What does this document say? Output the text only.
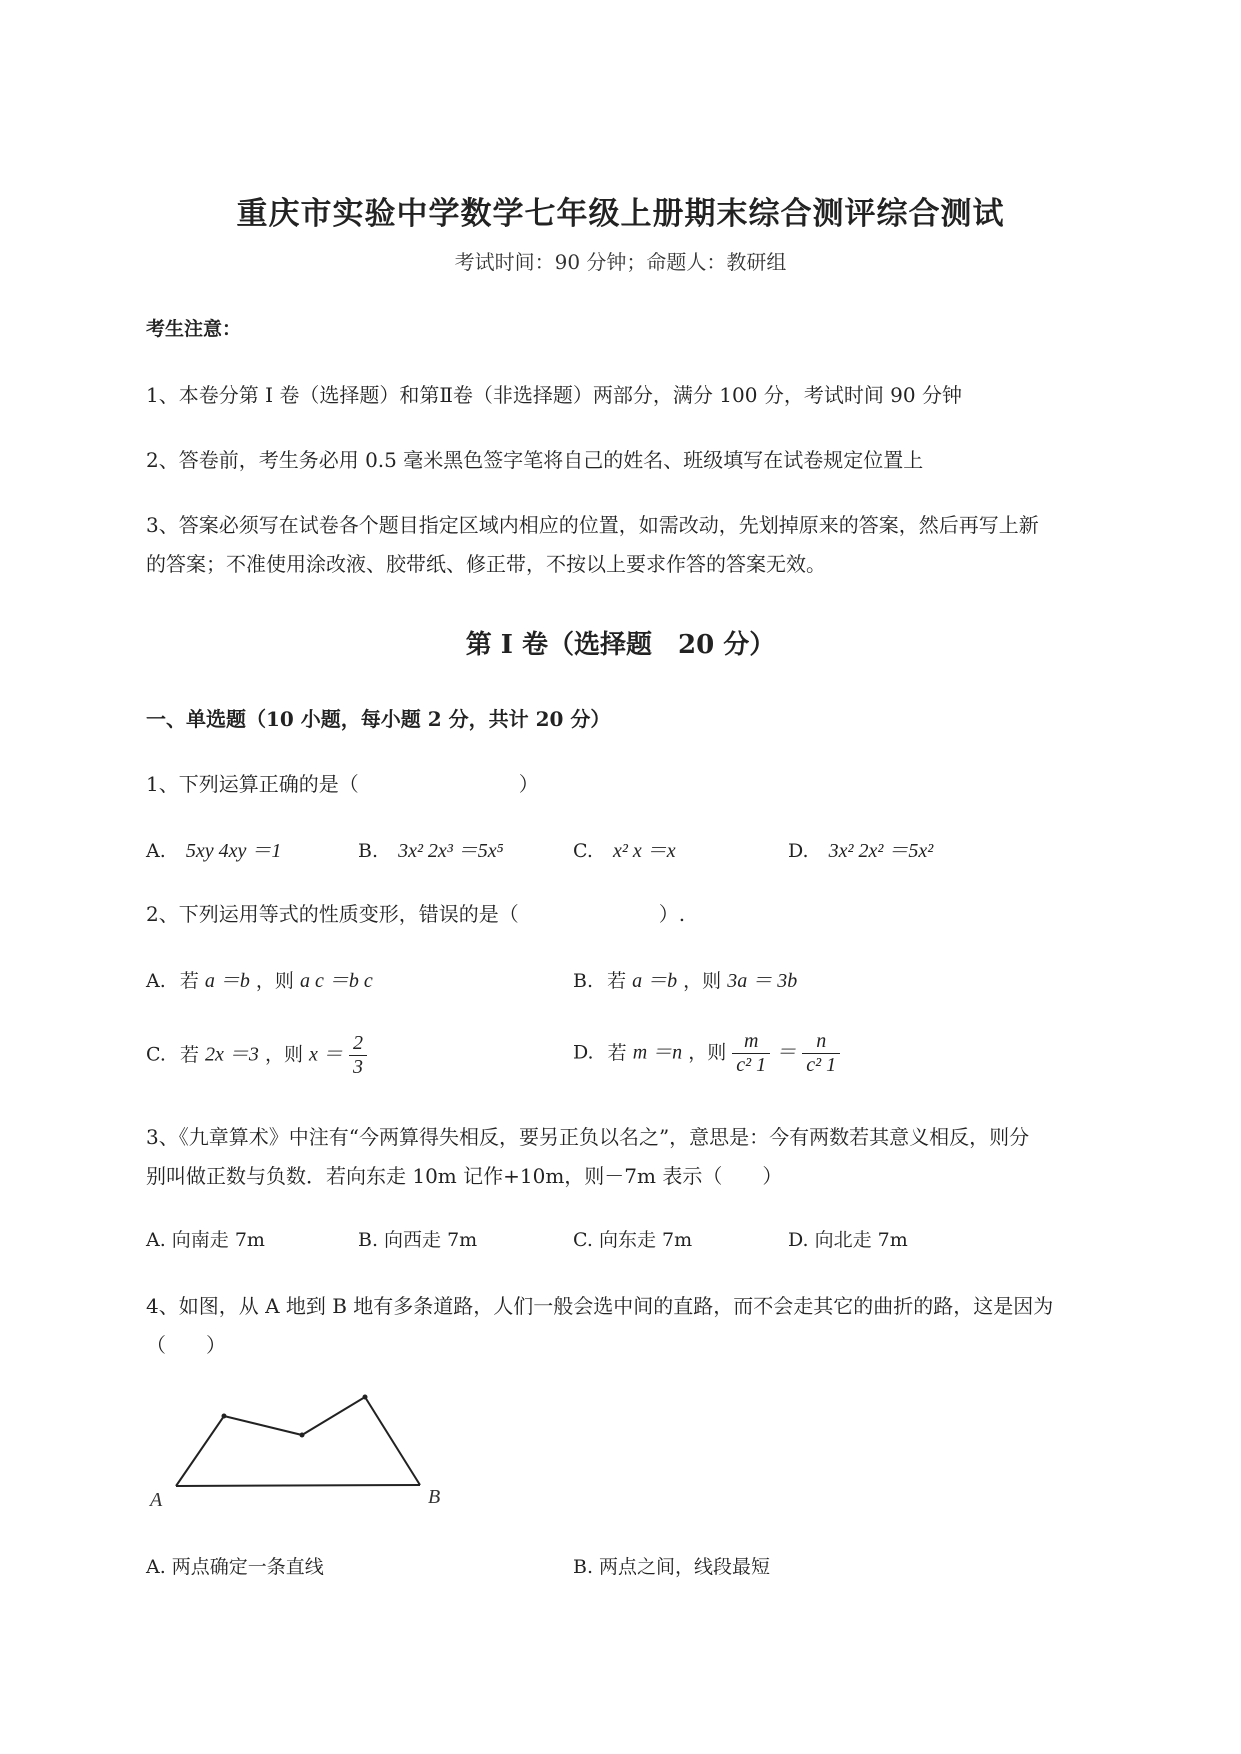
重庆市实验中学数学七年级上册期末综合测评综合测试
考试时间：90 分钟；命题人：教研组
考生注意：
1、本卷分第 I 卷（选择题）和第Ⅱ卷（非选择题）两部分，满分 100 分，考试时间 90 分钟
2、答卷前，考生务必用 0.5 毫米黑色签字笔将自己的姓名、班级填写在试卷规定位置上
3、答案必须写在试卷各个题目指定区域内相应的位置，如需改动，先划掉原来的答案，然后再写上新
的答案；不准使用涂改液、胶带纸、修正带，不按以上要求作答的答案无效。
第 I 卷（选择题　20 分）
一、单选题（10 小题，每小题 2 分，共计 20 分）
1、下列运算正确的是（　　　　　　　　）
A. 5xy 4xy ＝1	B. 3x² 2x³ ＝5x⁵	C. x² x ＝x	D. 3x² 2x² ＝5x²
2、下列运用等式的性质变形，错误的是（　　　　　　　）.
A. 若 a ＝b ，则 a c ＝b c	B. 若 a ＝b ，则 3a ＝ 3b
C. 若 2x ＝3 ，则 $x = \frac{2}{3}$	D. 若 m ＝n ，则 $\frac{m}{\text{c² 1}} = \frac{n}{\text{c² 1}}$
3、《九章算术》中注有“今两算得失相反，要另正负以名之”，意思是：今有两数若其意义相反，则分
别叫做正数与负数．若向东走 10m 记作+10m，则－7m 表示（　　）
A. 向南走 7m	B. 向西走 7m	C. 向东走 7m	D. 向北走 7m
4、如图，从 A 地到 B 地有多条道路，人们一般会选中间的直路，而不会走其它的曲折的路，这是因为
（　　）
A	B
A. 两点确定一条直线	B. 两点之间，线段最短
